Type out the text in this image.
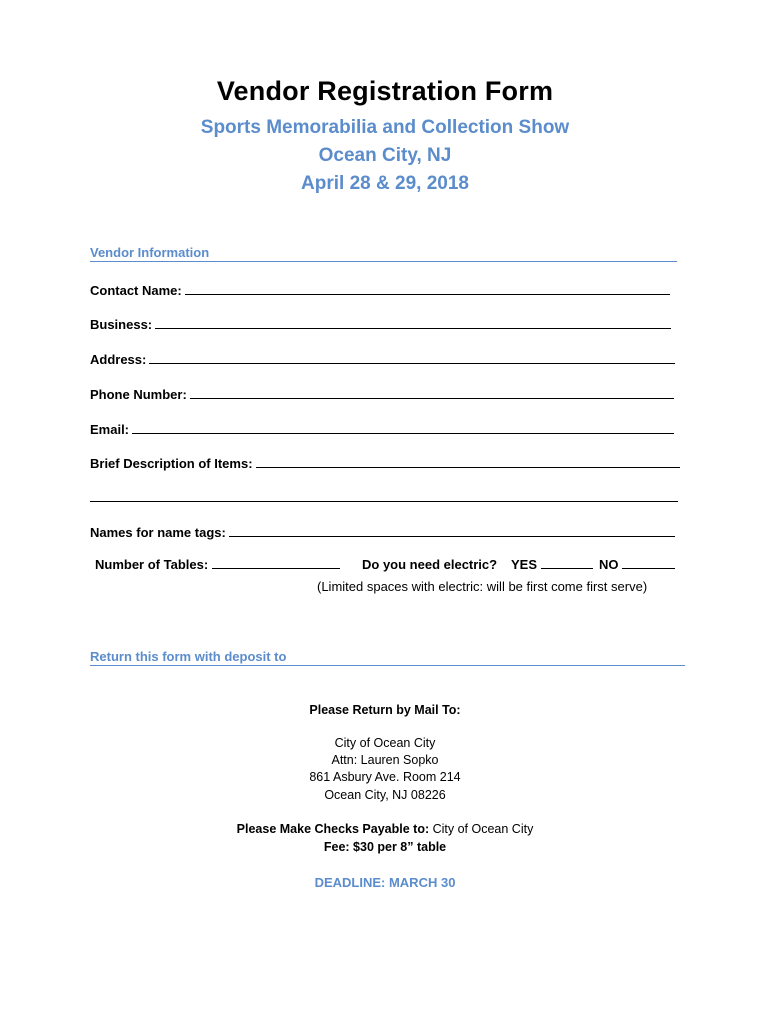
Vendor Registration Form
Sports Memorabilia and Collection Show
Ocean City, NJ
April 28 & 29, 2018
Vendor Information
Contact Name:
Business:
Address:
Phone Number:
Email:
Brief Description of Items:
Names for name tags:
Number of Tables:	Do you need electric? YES	NO
(Limited spaces with electric: will be first come first serve)
Return this form with deposit to
Please Return by Mail To:
City of Ocean City
Attn: Lauren Sopko
861 Asbury Ave. Room 214
Ocean City, NJ 08226
Please Make Checks Payable to: City of Ocean City
Fee: $30 per 8” table
DEADLINE: MARCH 30
